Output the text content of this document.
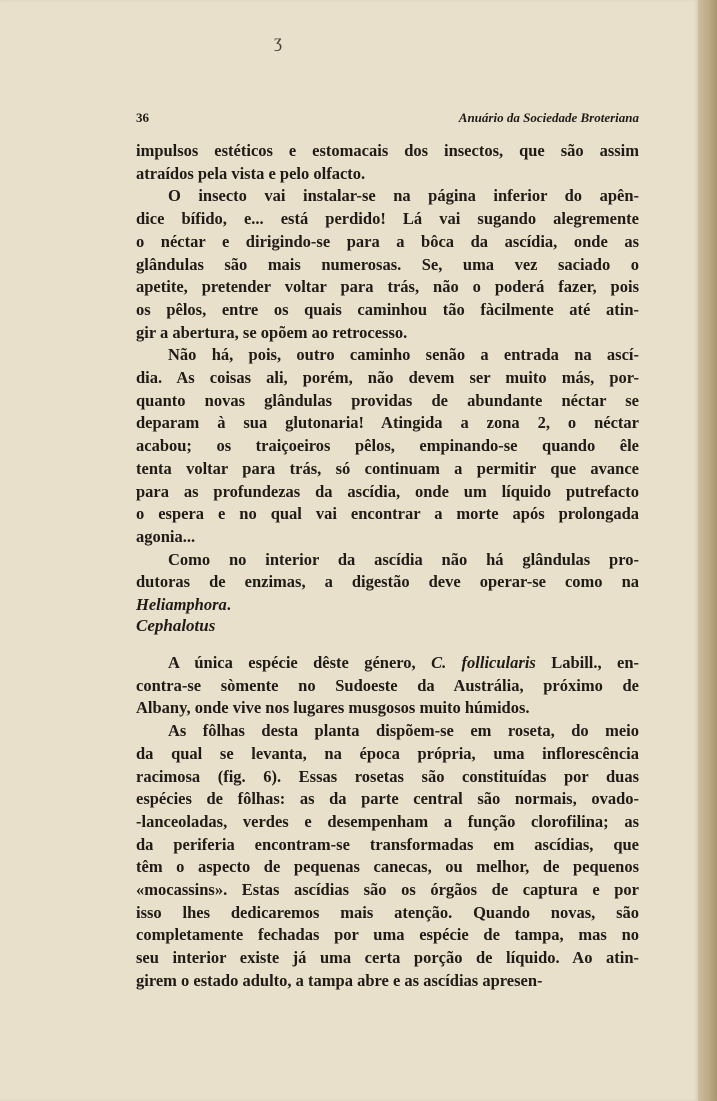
ʒ
36	Anuário da Sociedade Broteriana
impulsos estéticos e estomacais dos insectos, que são assim
atraídos pela vista e pelo olfacto.
O insecto vai instalar-se na página inferior do apên-
dice bífido, e... está perdido! Lá vai sugando alegremente
o néctar e dirigindo-se para a bôca da ascídia, onde as
glândulas são mais numerosas. Se, uma vez saciado o
apetite, pretender voltar para trás, não o poderá fazer, pois
os pêlos, entre os quais caminhou tão fàcilmente até atin-
gir a abertura, se opõem ao retrocesso.
Não há, pois, outro caminho senão a entrada na ascí-
dia. As coisas ali, porém, não devem ser muito más, por-
quanto novas glândulas providas de abundante néctar se
deparam à sua glutonaria! Atingida a zona 2, o néctar
acabou; os traiçoeiros pêlos, empinando-se quando êle
tenta voltar para trás, só continuam a permitir que avance
para as profundezas da ascídia, onde um líquido putrefacto
o espera e no qual vai encontrar a morte após prolongada
agonia...
Como no interior da ascídia não há glândulas pro-
dutoras de enzimas, a digestão deve operar-se como na
Heliamphora.
Cephalotus
A única espécie dêste género, C. follicularis Labill., en-
contra-se sòmente no Sudoeste da Austrália, próximo de
Albany, onde vive nos lugares musgosos muito húmidos.
As fôlhas desta planta dispõem-se em roseta, do meio
da qual se levanta, na época própria, uma inflorescência
racimosa (fig. 6). Essas rosetas são constituídas por duas
espécies de fôlhas: as da parte central são normais, ovado-
-lanceoladas, verdes e desempenham a função clorofilina; as
da periferia encontram-se transformadas em ascídias, que
têm o aspecto de pequenas canecas, ou melhor, de pequenos
«mocassins». Estas ascídias são os órgãos de captura e por
isso lhes dedicaremos mais atenção. Quando novas, são
completamente fechadas por uma espécie de tampa, mas no
seu interior existe já uma certa porção de líquido. Ao atin-
girem o estado adulto, a tampa abre e as ascídias apresen-
